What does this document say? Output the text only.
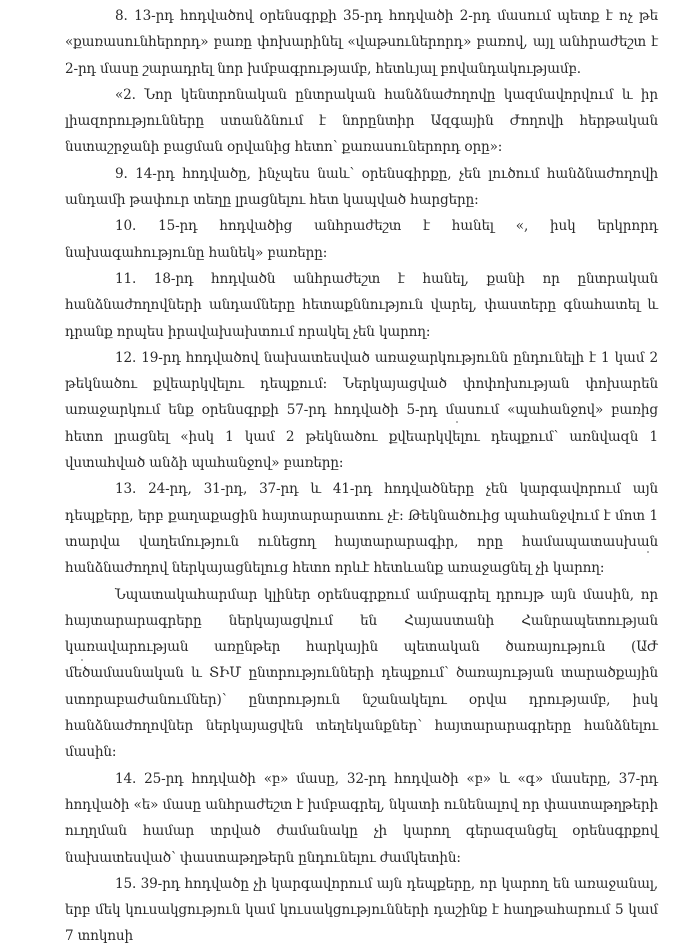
8. 13-րդ հոդվածով օրենսգրքի 35-րդ հոդվածի 2-րդ մասում պետք է ոչ թե «քառասունհերորդ» բառը փոխարինել «վաթսուներորդ» բառով, այլ անհրաժեշտ է 2-րդ մասը շարադրել նոր խմբագրությամբ, հետևյալ բովանդակությամբ.

«2. Նոր կենտրոնական ընտրական հանձնաժողովը կազմավորվում և իր լիազորությունները ստանձնում է նորընտիր Ազգային Ժողովի հերթական նստաշրջանի բացման օրվանից հետո՝ քառասուներորդ օրը»:

9. 14-րդ հոդվածը, ինչպես նաև՝ օրենսգիրքը, չեն լուծում հանձնաժողովի անդամի թափուր տեղը լրացնելու հետ կապված հարցերը:

10. 15-րդ հոդվածից անհրաժեշտ է հանել «, իսկ երկրորդ նախագահությունը հանեկ» բառերը:

11. 18-րդ հոդվածն անհրաժեշտ է հանել, քանի որ ընտրական հանձնաժողովների անդամները հետաքննություն վարել, փաստերը գնահատել և դրանք որպես իրավախախտում որակել չեն կարող:

12. 19-րդ հոդվածով նախատեսված առաջարկությունն ընդունելի է 1 կամ 2 թեկնածու քվեարկվելու դեպքում: Ներկայացված փոփոխության փոխարեն առաջարկում ենք օրենսգրքի 57-րդ հոդվածի 5-րդ մասում «պահանջով» բառից հետո լրացնել «իսկ 1 կամ 2 թեկնածու քվեարկվելու դեպքում՝ առնվազն 1 վստահված անձի պահանջով» բառերը:

13. 24-րդ, 31-րդ, 37-րդ և 41-րդ հոդվածները չեն կարգավորում այն դեպքերը, երբ քաղաքացին հայտարարատու չէ: Թեկնածուից պահանջվում է մոտ 1 տարվա վաղեմություն ունեցող հայտարարագիր, որը համապատասխան հանձնաժողով ներկայացնելուց հետո որևէ հետևանք առաջացնել չի կարող:

Նպատակահարմար կլիներ օրենսգրքում ամրագրել դրույթ այն մասին, որ հայտարարագրերը ներկայացվում են Հայաստանի Հանրապետության կառավարության առընթեր հարկային պետական ծառայություն (ԱԺ մեծամասնական և ՏԻՄ ընտրությունների դեպքում՝ ծառայության տարածքային ստորաբաժանումներ)՝ ընտրություն նշանակելու օրվա դրությամբ, իսկ հանձնաժողովներ ներկայացվեն տեղեկանքներ՝ հայտարարագրերը հանձնելու մասին:

14. 25-րդ հոդվածի «բ» մասը, 32-րդ հոդվածի «բ» և «գ» մասերը, 37-րդ հոդվածի «ե» մասը անհրաժեշտ է խմբագրել, նկատի ունենալով որ փաստաթղթերի ուղղման համար տրված ժամանակը չի կարող գերազանցել օրենսգրքով նախատեսված՝ փաստաթղթերն ընդունելու ժամկետին:

15. 39-րդ հոդվածը չի կարգավորում այն դեպքերը, որ կարող են առաջանալ, երբ մեկ կուսակցություն կամ կուսակցությունների դաշինք է հաղթահարում 5 կամ 7 տոկոսի
